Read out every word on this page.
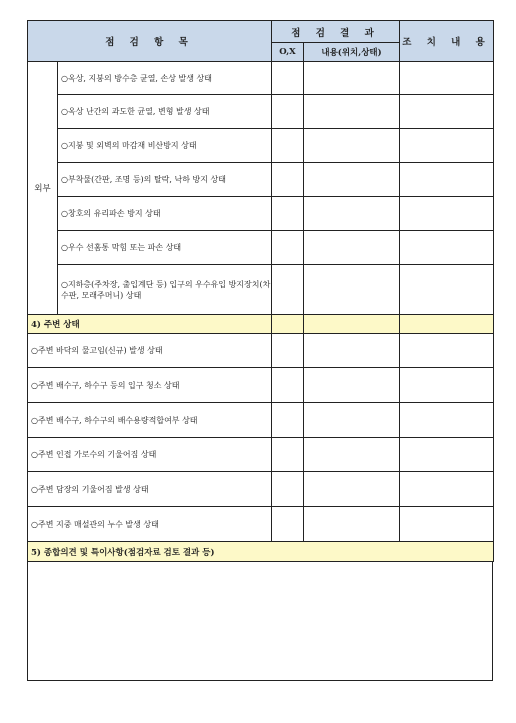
점 검 항 목		점 검 결 과		조 치 내 용
		O,X	내용(위치,상태)	
외부	○옥상, 지붕의 방수층 균열, 손상 발생 상태			
	○옥상 난간의 과도한 균열, 변형 발생 상태			
	○지붕 및 외벽의 마감재 비산방지 상태			
	○부착물(간판, 조명 등)의 탈락, 낙하 방지 상태			
	○창호의 유리파손 방지 상태			
	○우수 선홈통 막힘 또는 파손 상태			
	○지하층(주차장, 출입계단 등) 입구의 우수유입 방지장치(차수판, 모래주머니) 상태			
4) 주변 상태				
○주변 바닥의 물고임(신규) 발생 상태				
○주변 배수구, 하수구 등의 입구 청소 상태				
○주변 배수구, 하수구의 배수용량적합여부 상태				
○주변 인접 가로수의 기울어짐 상태				
○주변 담장의 기울어짐 발생 상태				
○주변 지중 매설관의 누수 발생 상태				
5) 종합의견 및 특이사항(점검자료 검토 결과 등)				
